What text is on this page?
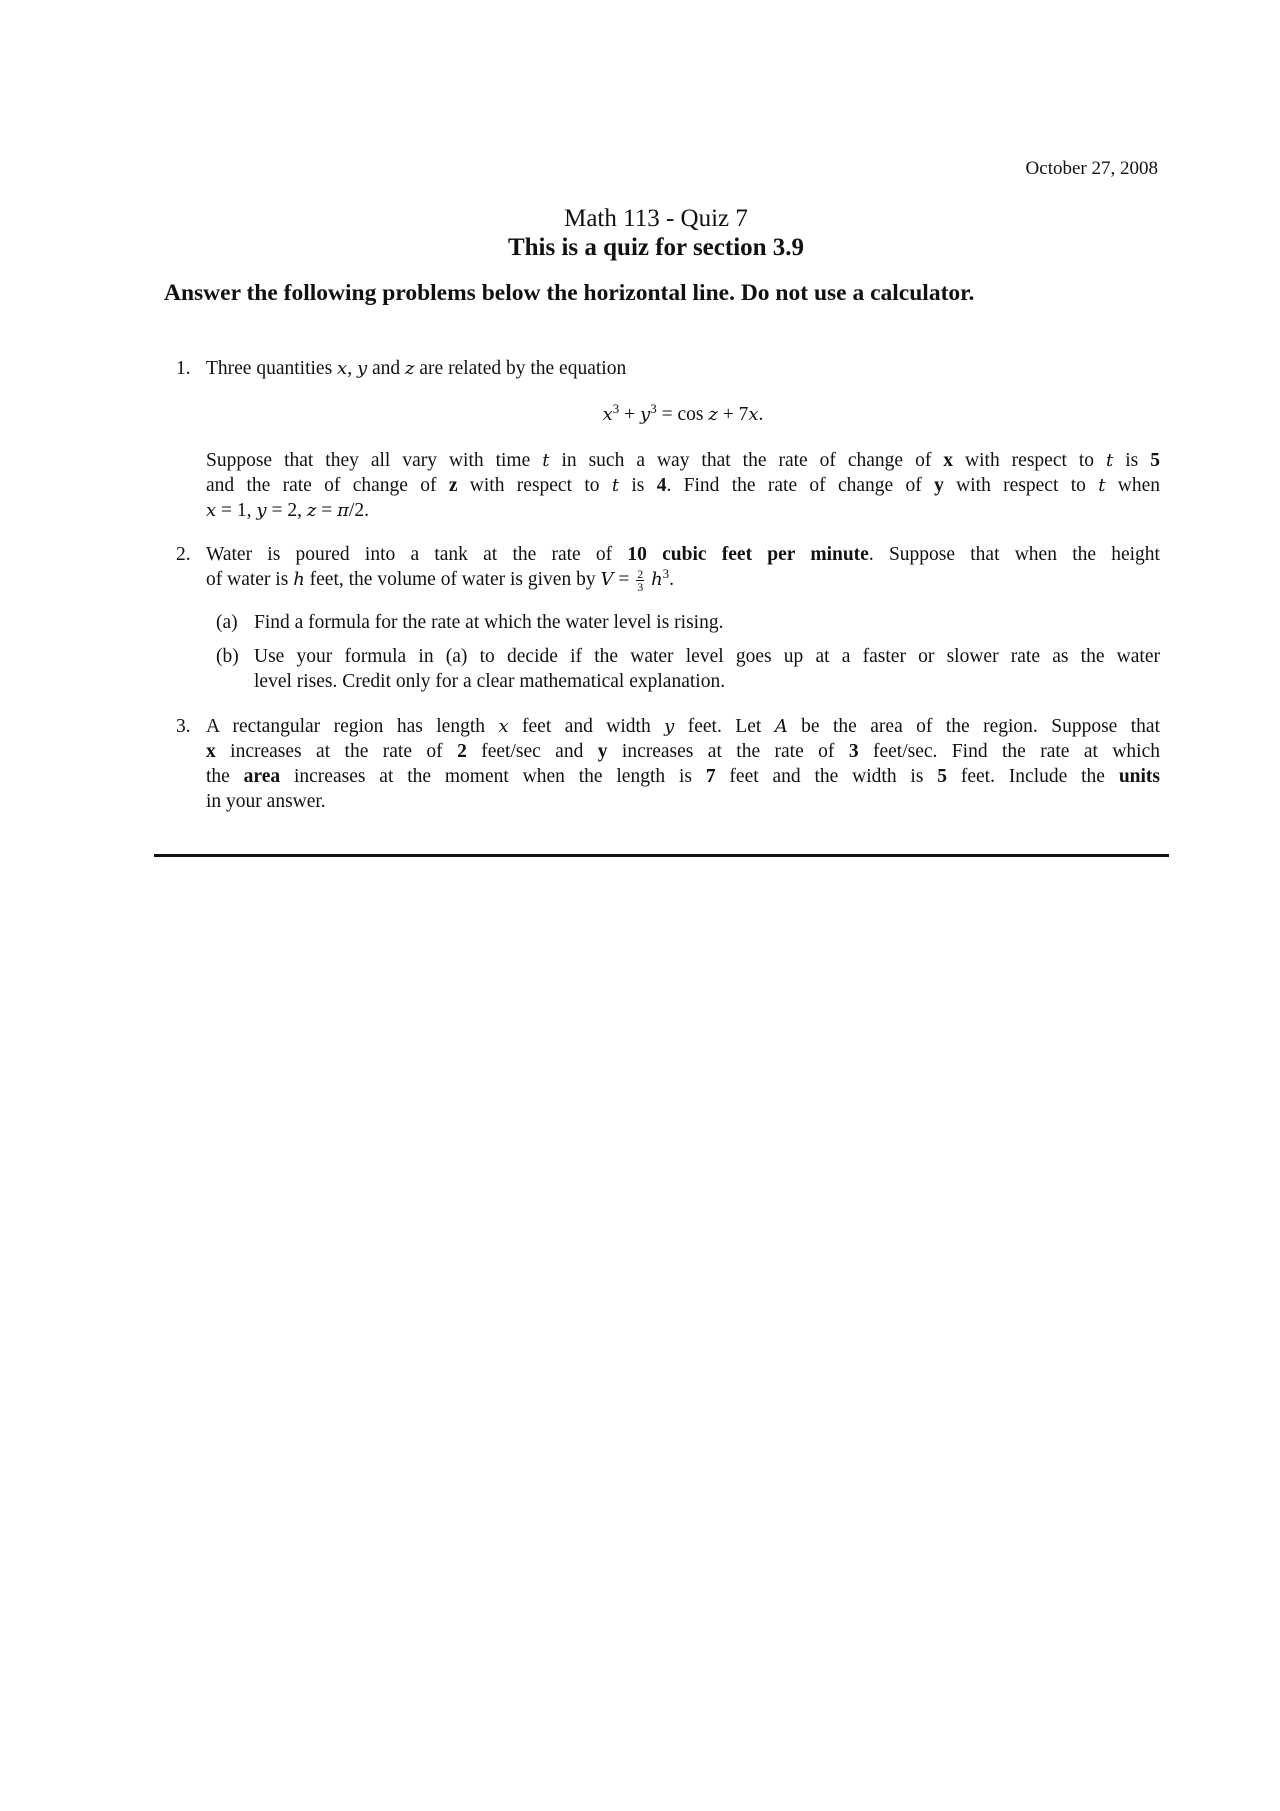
October 27, 2008
Math 113 - Quiz 7
This is a quiz for section 3.9
Answer the following problems below the horizontal line. Do not use a calculator.
1. Three quantities x, y and z are related by the equation
$x^3 + y^3 = \cos z + 7x$.
Suppose that they all vary with time t in such a way that the rate of change of x with respect to t is 5
and the rate of change of z with respect to t is 4. Find the rate of change of y with respect to t when
x = 1, y = 2, z = π/2.
2. Water is poured into a tank at the rate of 10 cubic feet per minute. Suppose that when the height
of water is h feet, the volume of water is given by $V = \frac{2}{3} h^3$.
(a) Find a formula for the rate at which the water level is rising.
(b) Use your formula in (a) to decide if the water level goes up at a faster or slower rate as the water
level rises. Credit only for a clear mathematical explanation.
3. A rectangular region has length x feet and width y feet. Let A be the area of the region. Suppose that
x increases at the rate of 2 feet/sec and y increases at the rate of 3 feet/sec. Find the rate at which
the area increases at the moment when the length is 7 feet and the width is 5 feet. Include the units
in your answer.
